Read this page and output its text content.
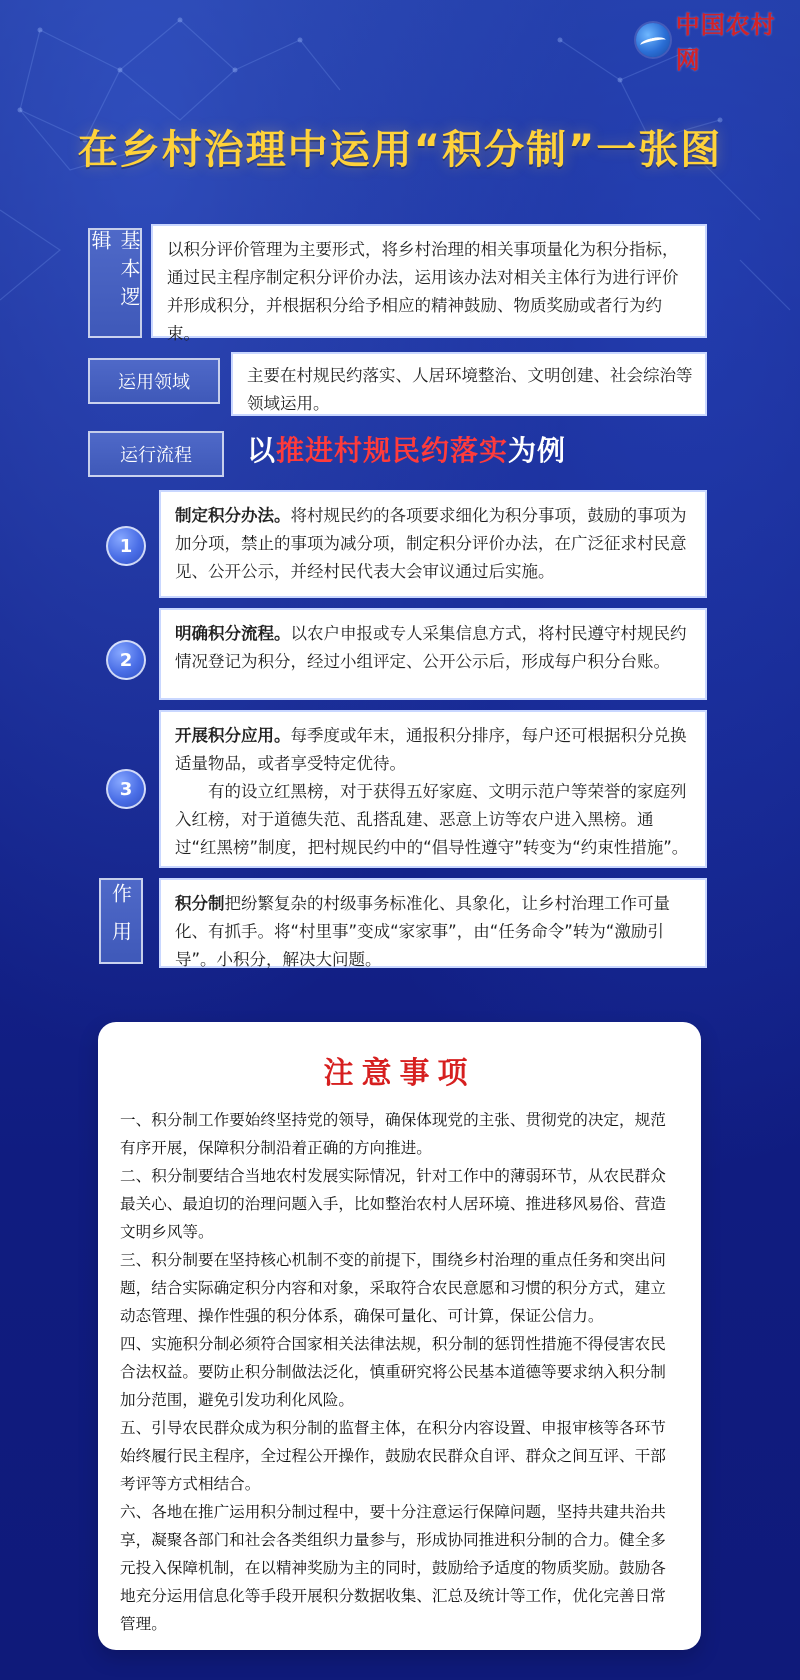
中国农村网
在乡村治理中运用“积分制”一张图
基本逻辑	以积分评价管理为主要形式，将乡村治理的相关事项量化为积分指标，通过民主程序制定积分评价办法，运用该办法对相关主体行为进行评价并形成积分，并根据积分给予相应的精神鼓励、物质奖励或者行为约束。
运用领域	主要在村规民约落实、人居环境整治、文明创建、社会综治等领域运用。
运行流程	以推进村规民约落实为例
1
制定积分办法。将村规民约的各项要求细化为积分事项，鼓励的事项为加分项，禁止的事项为减分项，制定积分评价办法，在广泛征求村民意见、公开公示，并经村民代表大会审议通过后实施。
2
明确积分流程。以农户申报或专人采集信息方式，将村民遵守村规民约情况登记为积分，经过小组评定、公开公示后，形成每户积分台账。
3
开展积分应用。每季度或年末，通报积分排序，每户还可根据积分兑换适量物品，或者享受特定优待。
有的设立红黑榜，对于获得五好家庭、文明示范户等荣誉的家庭列入红榜，对于道德失范、乱搭乱建、恶意上访等农户进入黑榜。通过“红黑榜”制度，把村规民约中的“倡导性遵守”转变为“约束性措施”。
作用	积分制把纷繁复杂的村级事务标准化、具象化，让乡村治理工作可量化、有抓手。将“村里事”变成“家家事”，由“任务命令”转为“激励引导”。小积分，解决大问题。
注意事项

一、积分制工作要始终坚持党的领导，确保体现党的主张、贯彻党的决定，规范有序开展，保障积分制沿着正确的方向推进。

二、积分制要结合当地农村发展实际情况，针对工作中的薄弱环节，从农民群众最关心、最迫切的治理问题入手，比如整治农村人居环境、推进移风易俗、营造文明乡风等。

三、积分制要在坚持核心机制不变的前提下，围绕乡村治理的重点任务和突出问题，结合实际确定积分内容和对象，采取符合农民意愿和习惯的积分方式，建立动态管理、操作性强的积分体系，确保可量化、可计算，保证公信力。

四、实施积分制必须符合国家相关法律法规，积分制的惩罚性措施不得侵害农民合法权益。要防止积分制做法泛化，慎重研究将公民基本道德等要求纳入积分制加分范围，避免引发功利化风险。

五、引导农民群众成为积分制的监督主体，在积分内容设置、申报审核等各环节始终履行民主程序，全过程公开操作，鼓励农民群众自评、群众之间互评、干部考评等方式相结合。

六、各地在推广运用积分制过程中，要十分注意运行保障问题，坚持共建共治共享，凝聚各部门和社会各类组织力量参与，形成协同推进积分制的合力。健全多元投入保障机制，在以精神奖励为主的同时，鼓励给予适度的物质奖励。鼓励各地充分运用信息化等手段开展积分数据收集、汇总及统计等工作，优化完善日常管理。
